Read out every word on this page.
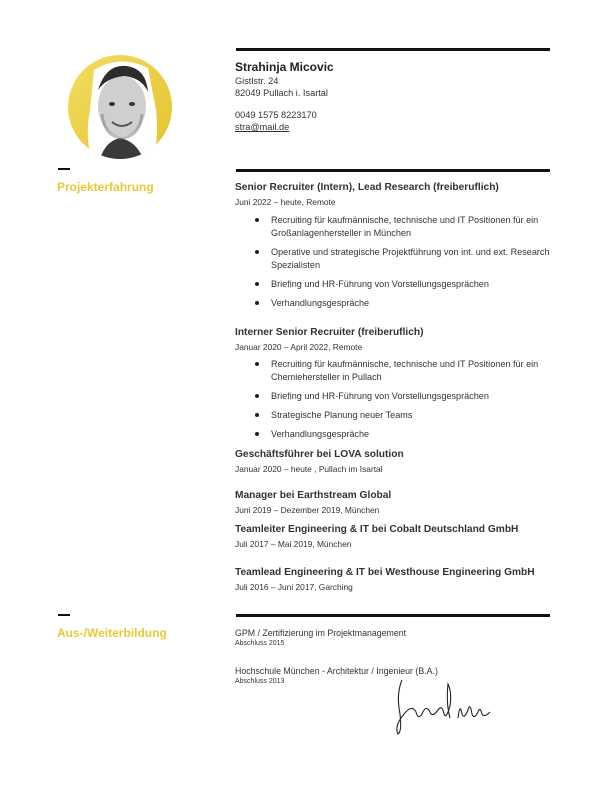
Strahinja Micovic
Gistlstr. 24
82049 Pullach i. Isartal
0049 1575 8223170
stra@mail.de
Projekterfahrung	Senior Recruiter (Intern), Lead Research (freiberuflich)
Juni 2022 – heute, Remote
Recruiting für kaufmännische, technische und IT Positionen für ein Großanlagenhersteller in München
Operative und strategische Projektführung von int. und ext. Research Spezialisten
Briefing und HR-Führung von Vorstellungsgesprächen
Verhandlungsgespräche
Interner Senior Recruiter (freiberuflich)
Januar 2020 – April 2022, Remote
Recruiting für kaufmännische, technische und IT Positionen für ein Chemiehersteller in Pullach
Briefing und HR-Führung von Vorstellungsgesprächen
Strategische Planung neuer Teams
Verhandlungsgespräche
Geschäftsführer bei LOVA solution
Januar 2020 – heute , Pullach im Isartal
Manager bei Earthstream Global
Juni 2019 – Dezember 2019, München
Teamleiter Engineering & IT bei Cobalt Deutschland GmbH
Juli 2017 – Mai 2019, München
Teamlead Engineering & IT bei Westhouse Engineering GmbH
Juli 2016 – Juni 2017, Garching
Aus-/Weiterbildung	GPM / Zertifizierung im Projektmanagement
Abschluss 2015
Hochschule München - Architektur / Ingenieur (B.A.)
Abschluss 2013
